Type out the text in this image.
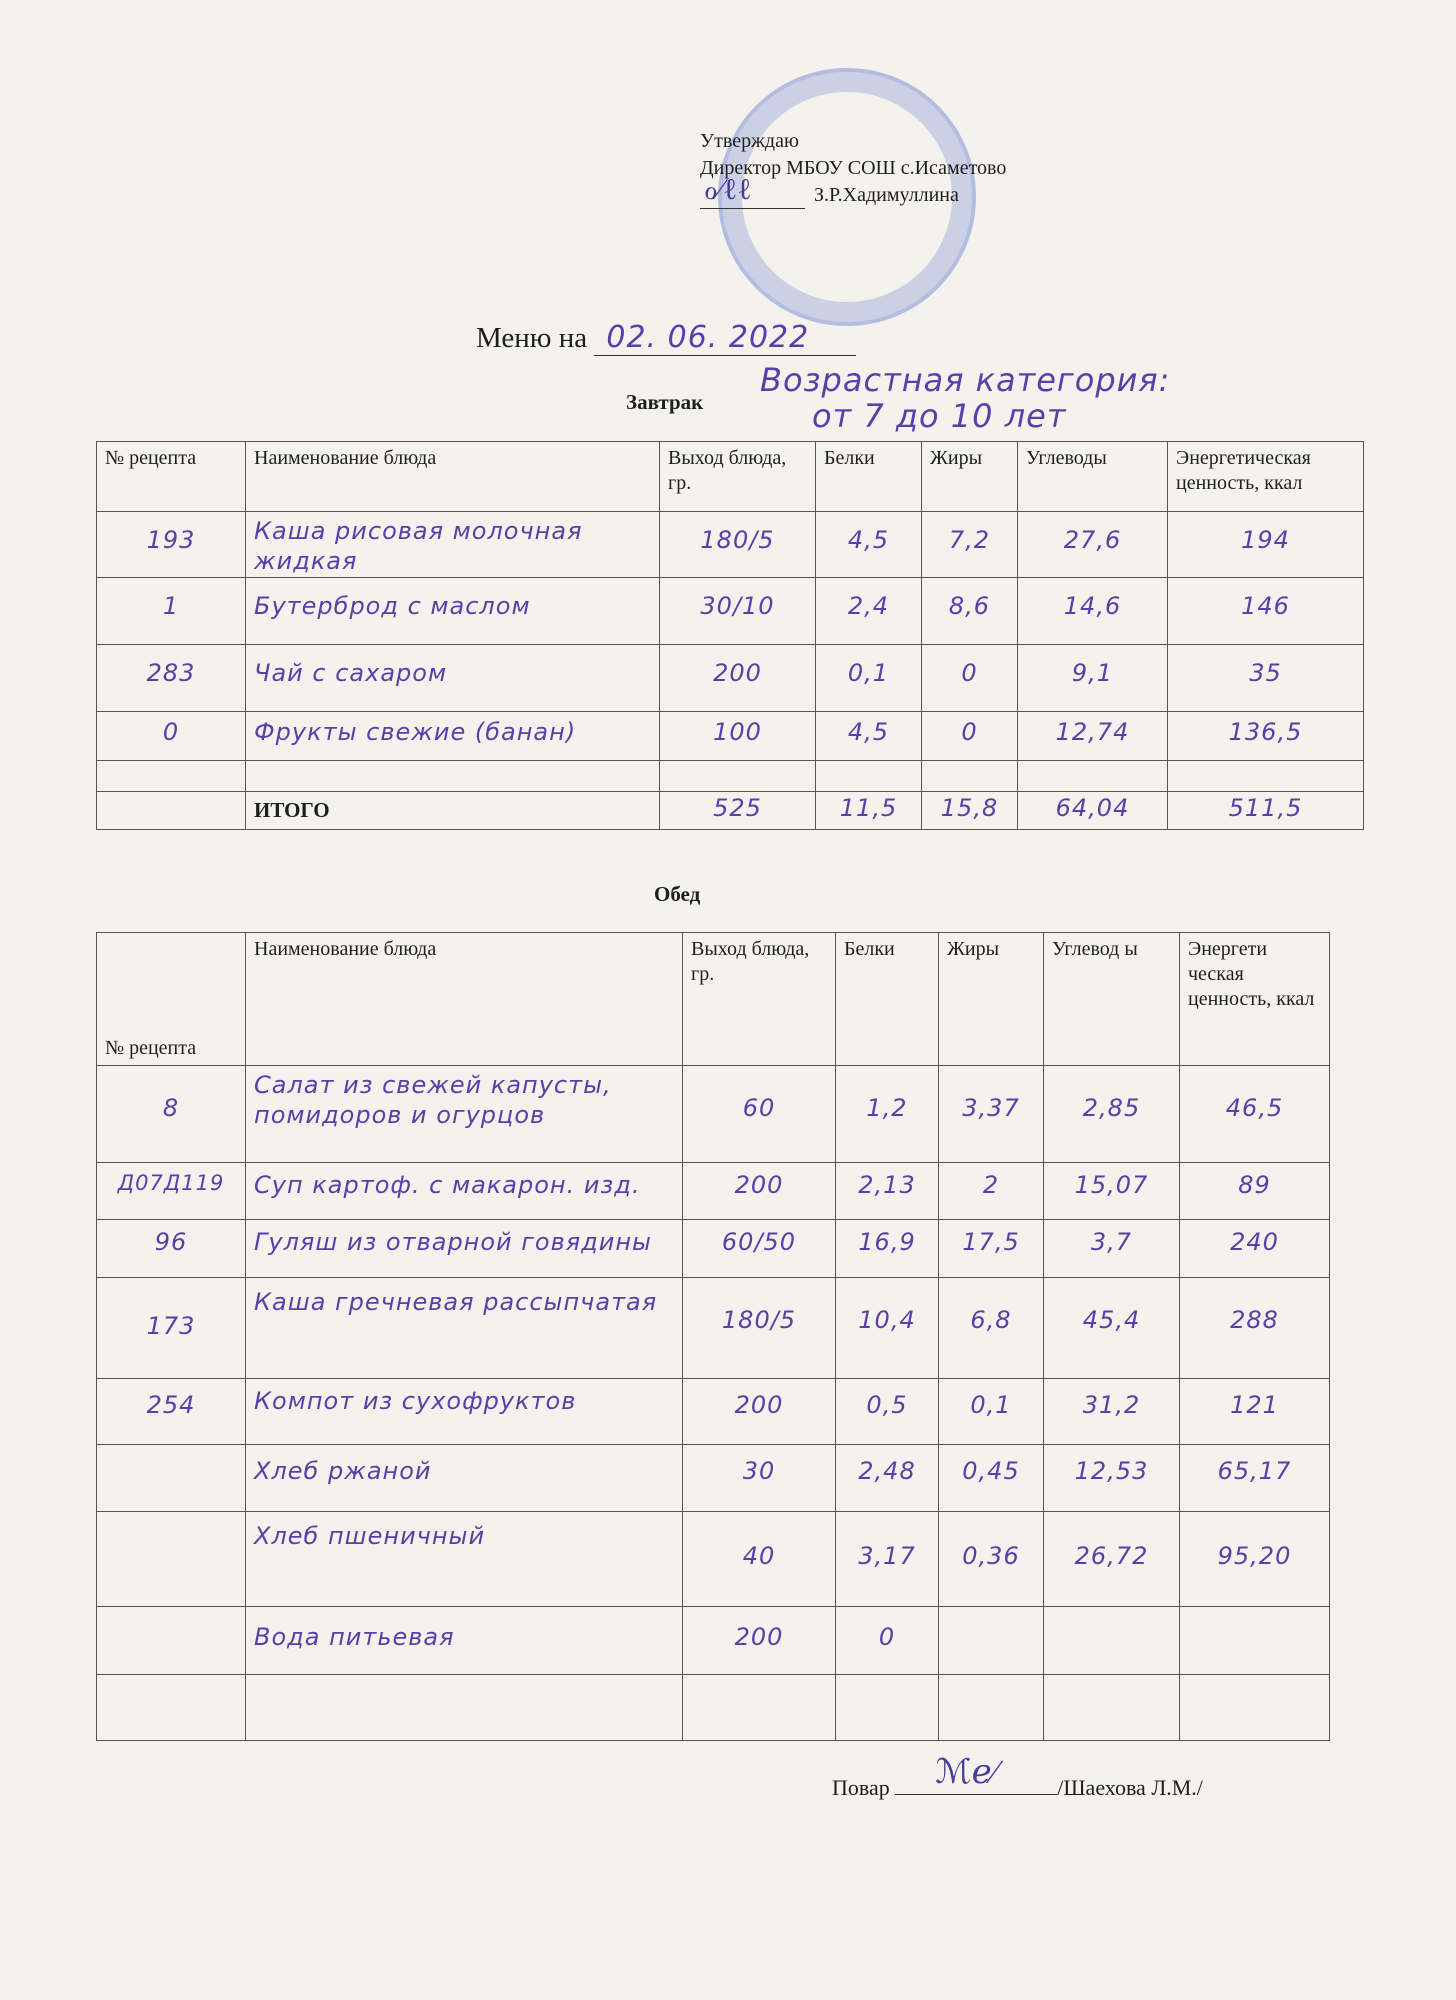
Утверждаю
Директор МБОУ СОШ с.Исаметово
ℴ∕ℓℓ	З.Р.Хадимуллина
Меню на 02. 06. 2022
Возрастная категория:
от 7 до 10 лет
Завтрак
№ рецепта	Наименование блюда	Выход блюда, гр.	Белки	Жиры	Углеводы	Энергетическая ценность, ккал

193	Каша рисовая молочная жидкая	180/5	4,5	7,2	27,6	194

1	Бутерброд с маслом	30/10	2,4	8,6	14,6	146

283	Чай с сахаром	200	0,1	0	9,1	35

0	Фрукты свежие (банан)	100	4,5	0	12,74	136,5

	ИТОГО	525	11,5	15,8	64,04	511,5
Обед
№ рецепта	Наименование блюда	Выход блюда, гр.	Белки	Жиры	Углевод ы	Энергети ческая ценность, ккал

8	Салат из свежей капусты, помидоров и огурцов	60	1,2	3,37	2,85	46,5

Д07Д119	Суп картоф. с макарон. изд.	200	2,13	2	15,07	89

96	Гуляш из отварной говядины	60/50	16,9	17,5	3,7	240

173	Каша гречневая рассыпчатая	180/5	10,4	6,8	45,4	288

254	Компот из сухофруктов	200	0,5	0,1	31,2	121

	Хлеб ржаной	30	2,48	0,45	12,53	65,17

	Хлеб пшеничный	40	3,17	0,36	26,72	95,20

	Вода питьевая	200	0			

Повар ℳℯ∕	/Шаехова Л.М./
